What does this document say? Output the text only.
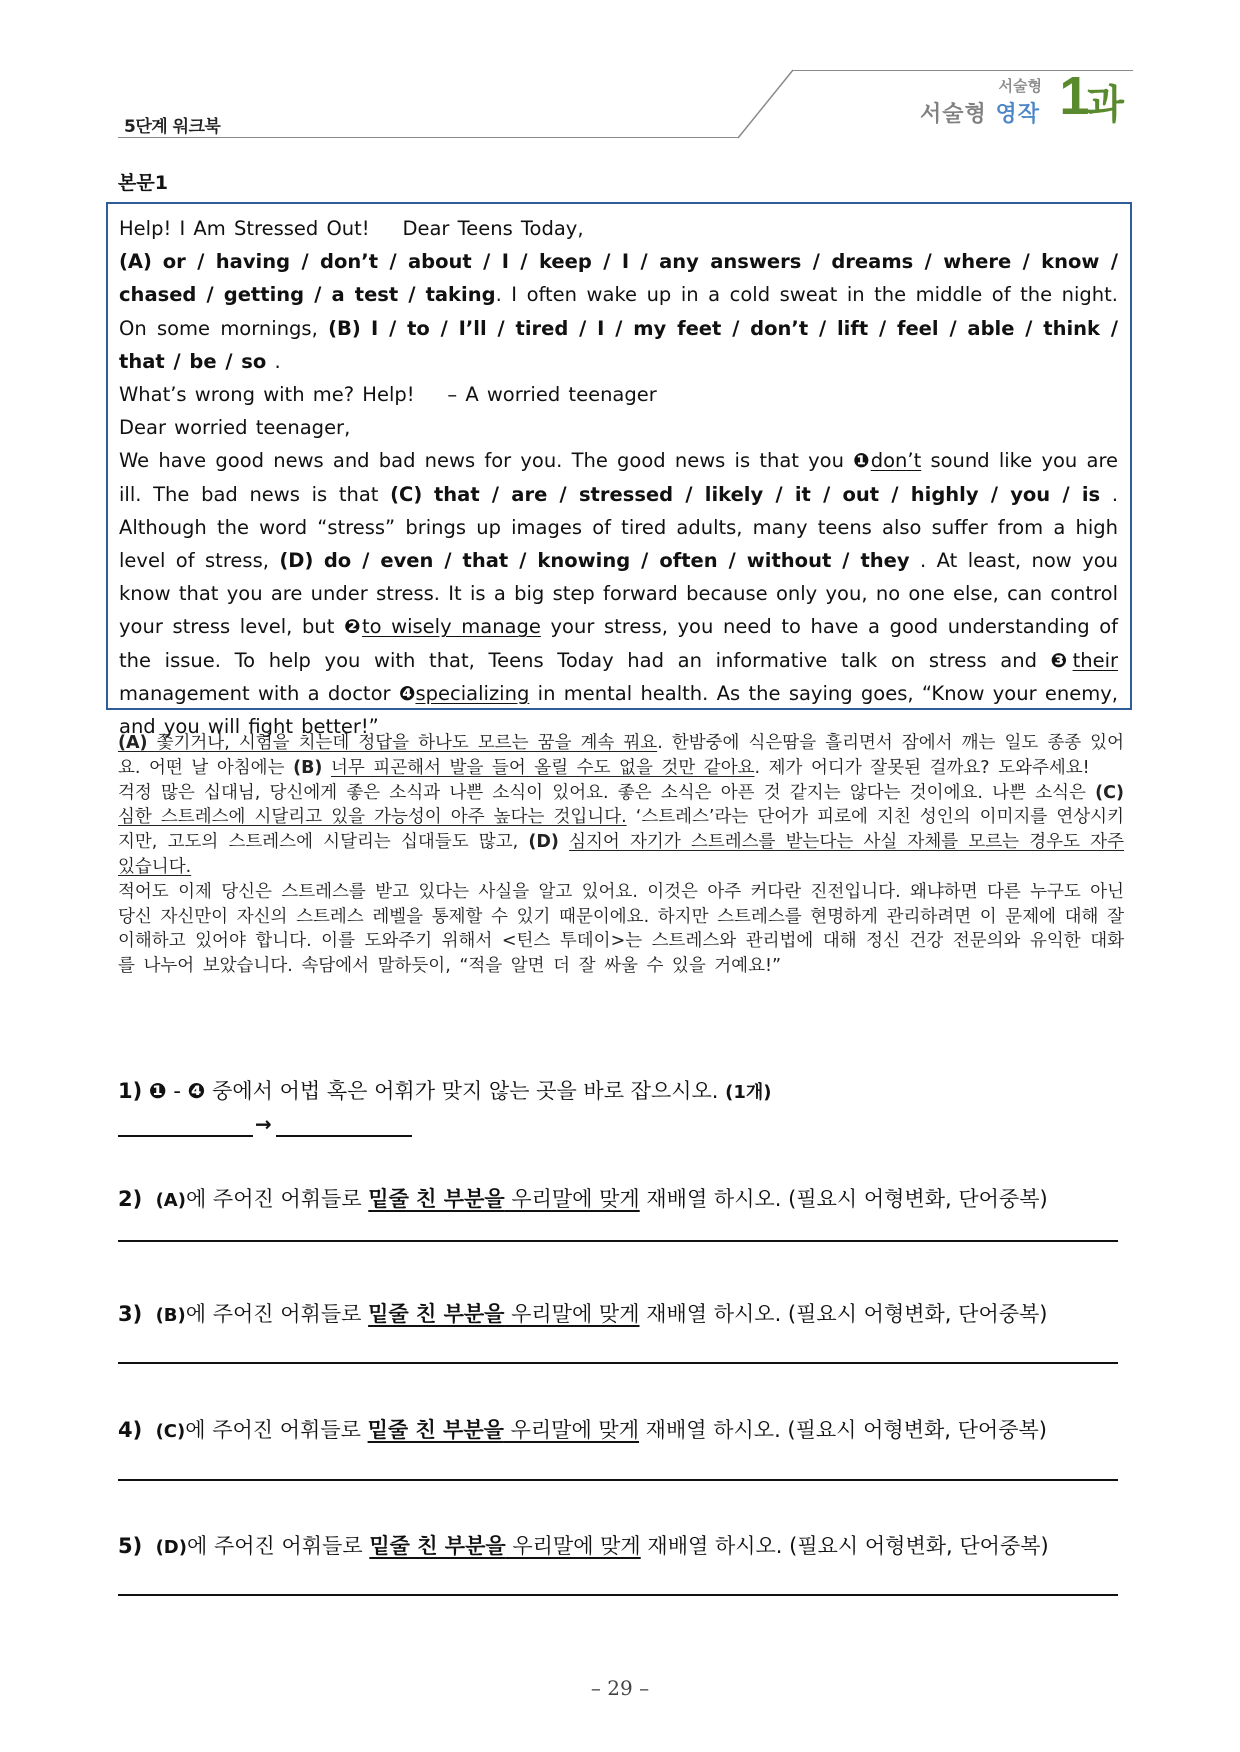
5단계 워크북
서술형
서술형 영작 $1^과$
본문1

Help! I Am Stressed Out! Dear Teens Today,
(A) or / having / don’t / about / I / keep / I / any answers / dreams / where / know / chased / getting / a test / taking. I often wake up in a cold sweat in the middle of the night. On some mornings, (B) I / to / I’ll / tired / I / my feet / don’t / lift / feel / able / think / that / be / so .

What’s wrong with me? Help! – A worried teenager

Dear worried teenager,

We have good news and bad news for you. The good news is that you ❶don’t sound like you are ill. The bad news is that (C) that / are / stressed / likely / it / out / highly / you / is . Although the word “stress” brings up images of tired adults, many teens also suffer from a high level of stress, (D) do / even / that / knowing / often / without / they . At least, now you know that you are under stress. It is a big step forward because only you, no one else, can control your stress level, but ❷to wisely manage your stress, you need to have a good understanding of the issue. To help you with that, Teens Today had an informative talk on stress and ❸their management with a doctor ❹specializing in mental health. As the saying goes, “Know your enemy, and you will fight better!”

(A) 쫓기거나, 시험을 치는데 정답을 하나도 모르는 꿈을 계속 꿔요. 한밤중에 식은땀을 흘리면서 잠에서 깨는 일도 종종 있어요. 어떤 날 아침에는 (B) 너무 피곤해서 발을 들어 올릴 수도 없을 것만 같아요. 제가 어디가 잘못된 걸까요? 도와주세요!

걱정 많은 십대님, 당신에게 좋은 소식과 나쁜 소식이 있어요. 좋은 소식은 아픈 것 같지는 않다는 것이에요. 나쁜 소식은 (C) 심한 스트레스에 시달리고 있을 가능성이 아주 높다는 것입니다. ‘스트레스’라는 단어가 피로에 지친 성인의 이미지를 연상시키지만, 고도의 스트레스에 시달리는 십대들도 많고, (D) 심지어 자기가 스트레스를 받는다는 사실 자체를 모르는 경우도 자주 있습니다.

적어도 이제 당신은 스트레스를 받고 있다는 사실을 알고 있어요. 이것은 아주 커다란 진전입니다. 왜냐하면 다른 누구도 아닌 당신 자신만이 자신의 스트레스 레벨을 통제할 수 있기 때문이에요. 하지만 스트레스를 현명하게 관리하려면 이 문제에 대해 잘 이해하고 있어야 합니다. 이를 도와주기 위해서 <틴스 투데이>는 스트레스와 관리법에 대해 정신 건강 전문의와 유익한 대화를 나누어 보았습니다. 속담에서 말하듯이, “적을 알면 더 잘 싸울 수 있을 거예요!”

1) ❶ - ❹ 중에서 어법 혹은 어휘가 맞지 않는 곳을 바로 잡으시오. (1개)
→
2) (A)에 주어진 어휘들로 밑줄 친 부분을 우리말에 맞게 재배열 하시오. (필요시 어형변화, 단어중복)
3) (B)에 주어진 어휘들로 밑줄 친 부분을 우리말에 맞게 재배열 하시오. (필요시 어형변화, 단어중복)
4) (C)에 주어진 어휘들로 밑줄 친 부분을 우리말에 맞게 재배열 하시오. (필요시 어형변화, 단어중복)
5) (D)에 주어진 어휘들로 밑줄 친 부분을 우리말에 맞게 재배열 하시오. (필요시 어형변화, 단어중복)
– 29 –
